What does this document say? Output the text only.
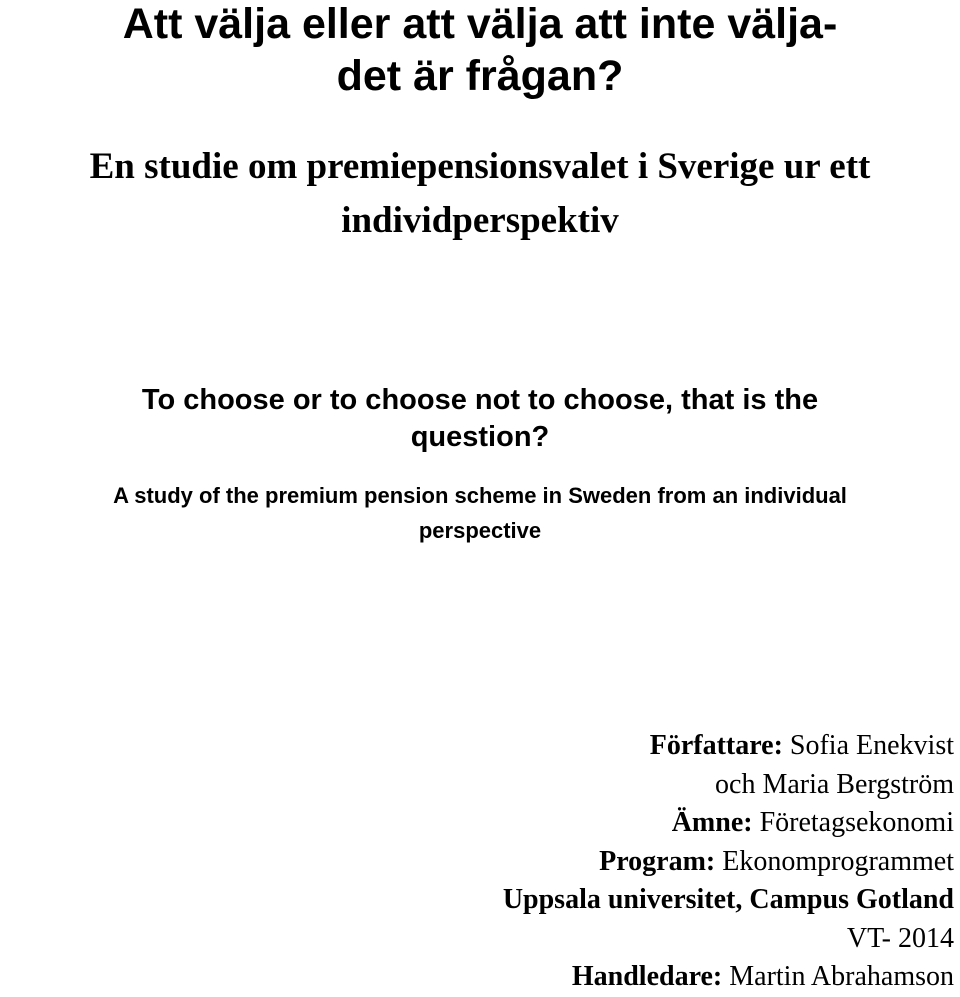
Att välja eller att välja att inte välja-
det är frågan?
En studie om premiepensionsvalet i Sverige ur ett
individperspektiv
To choose or to choose not to choose, that is the
question?
A study of the premium pension scheme in Sweden from an individual
perspective
Författare: Sofia Enekvist
och Maria Bergström
Ämne: Företagsekonomi
Program: Ekonomprogrammet
Uppsala universitet, Campus Gotland
VT- 2014
Handledare: Martin Abrahamson
